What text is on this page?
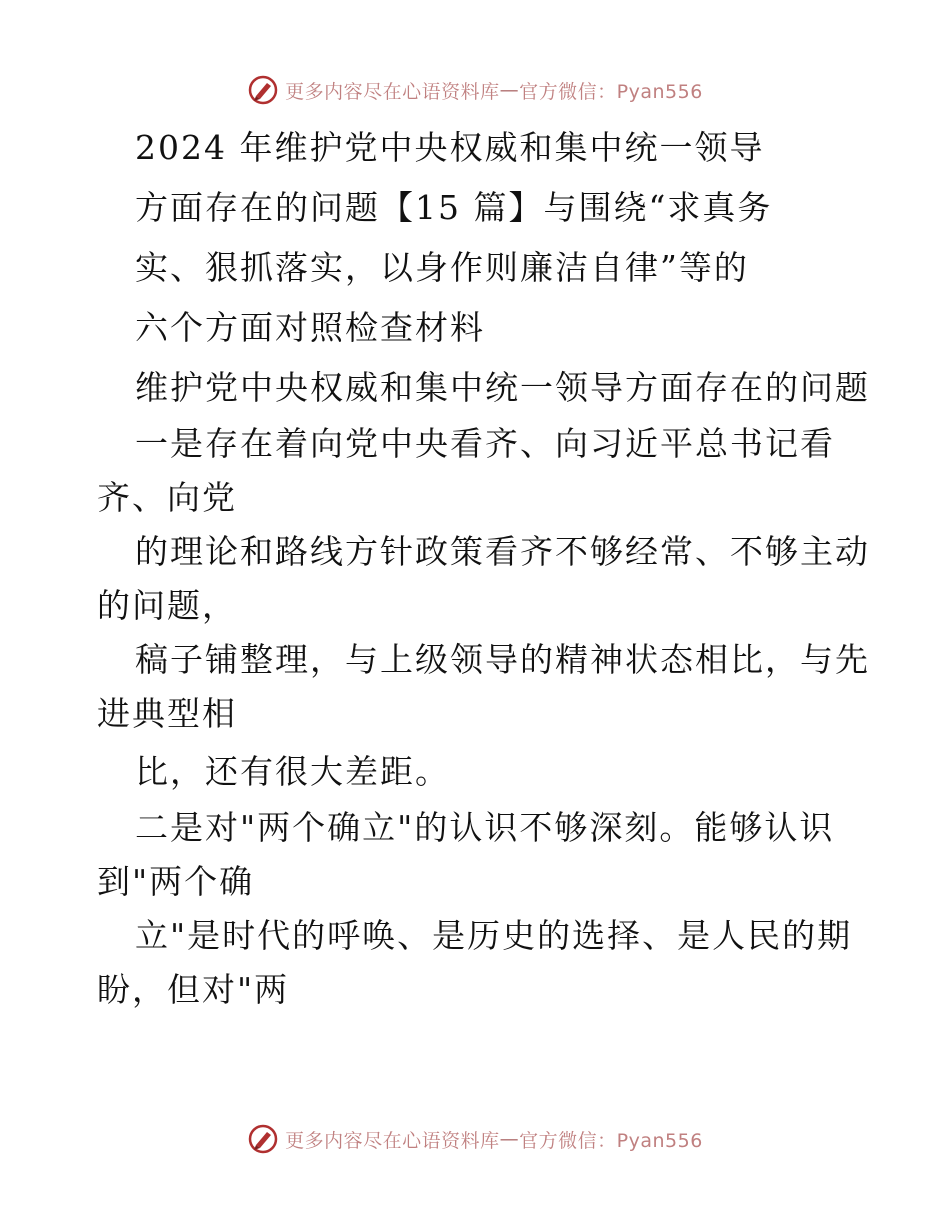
更多内容尽在心语资料库 — 官方微信：Pyan556
2024 年维护党中央权威和集中统一领导
方面存在的问题【15 篇】与围绕“求真务
实、狠抓落实，以身作则廉洁自律”等的
六个方面对照检查材料
维护党中央权威和集中统一领导方面存在的问题
一是存在着向党中央看齐、向习近平总书记看
齐、向党
的理论和路线方针政策看齐不够经常、不够主动
的问题，
稿子铺整理，与上级领导的精神状态相比，与先
进典型相
比，还有很大差距。
二是对"两个确立"的认识不够深刻。能够认识
到"两个确
立"是时代的呼唤、是历史的选择、是人民的期
盼，但对"两
更多内容尽在心语资料库 — 官方微信：Pyan556
